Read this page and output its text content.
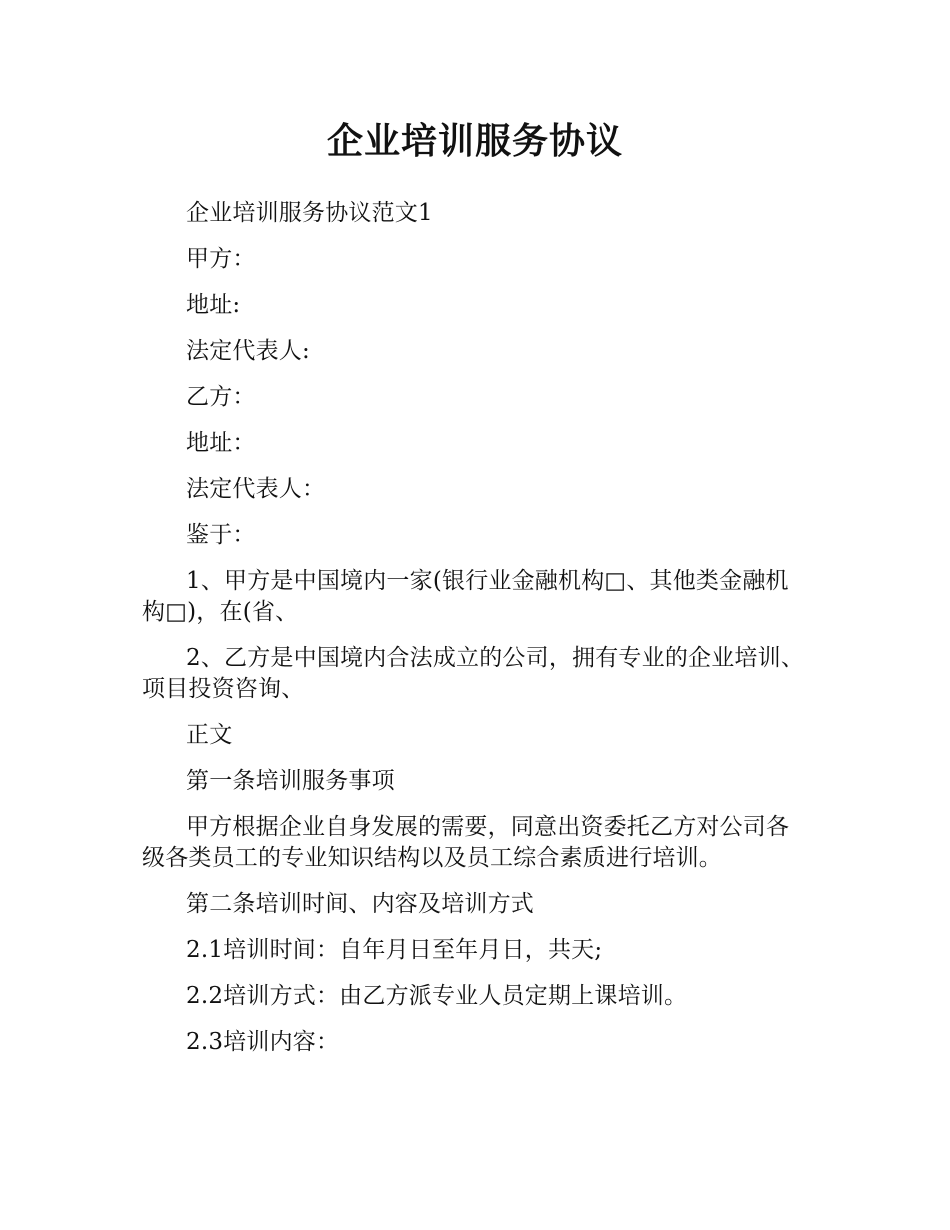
企业培训服务协议

企业培训服务协议范文1

甲方：

地址:

法定代表人:

乙方：

地址：

法定代表人：

鉴于：

1、甲方是中国境内一家(银行业金融机构□、其他类金融机构□)，在(省、

2、乙方是中国境内合法成立的公司，拥有专业的企业培训、项目投资咨询、

正文

第一条培训服务事项

甲方根据企业自身发展的需要，同意出资委托乙方对公司各级各类员工的专业知识结构以及员工综合素质进行培训。

第二条培训时间、内容及培训方式

2.1培训时间：自年月日至年月日，共天;

2.2培训方式：由乙方派专业人员定期上课培训。

2.3培训内容：
